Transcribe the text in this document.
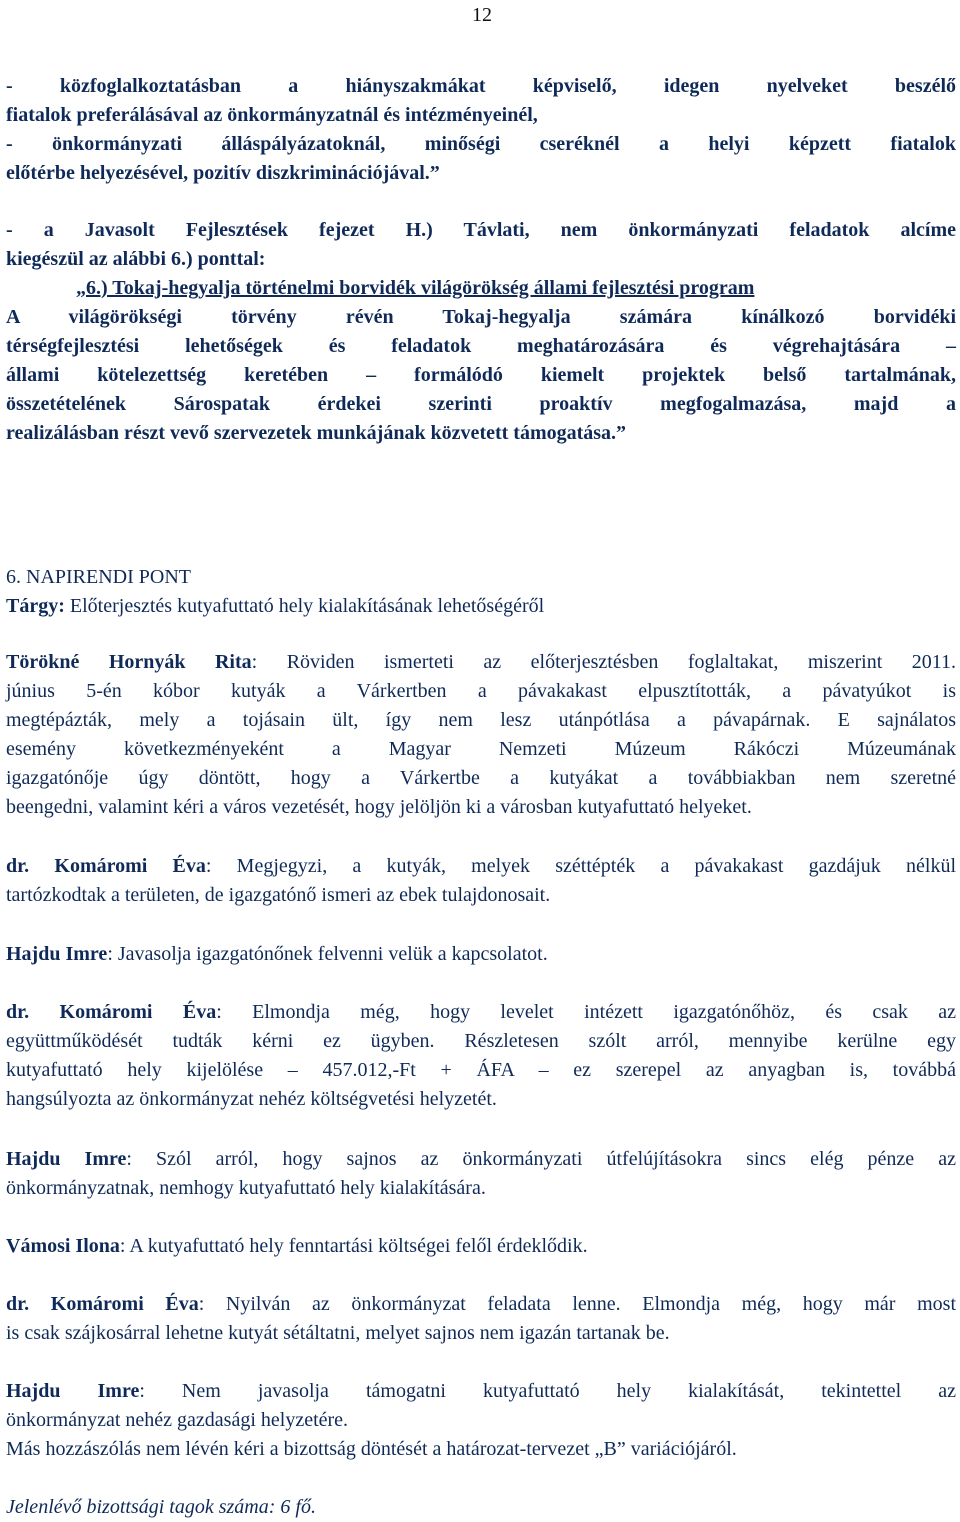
12
- közfoglalkoztatásban a hiányszakmákat képviselő, idegen nyelveket beszélő
fiatalok preferálásával az önkormányzatnál és intézményeinél,
- önkormányzati álláspályázatoknál, minőségi cseréknél a helyi képzett fiatalok
előtérbe helyezésével, pozitív diszkriminációjával.”
- a Javasolt Fejlesztések fejezet H.) Távlati, nem önkormányzati feladatok alcíme
kiegészül az alábbi 6.) ponttal:
„6.) Tokaj-hegyalja történelmi borvidék világörökség állami fejlesztési program
A világörökségi törvény révén Tokaj-hegyalja számára kínálkozó borvidéki
térségfejlesztési lehetőségek és feladatok meghatározására és végrehajtására –
állami kötelezettség keretében – formálódó kiemelt projektek belső tartalmának,
összetételének Sárospatak érdekei szerinti proaktív megfogalmazása, majd a
realizálásban részt vevő szervezetek munkájának közvetett támogatása.”
6. NAPIRENDI PONT
Tárgy: Előterjesztés kutyafuttató hely kialakításának lehetőségéről
Törökné Hornyák Rita: Röviden ismerteti az előterjesztésben foglaltakat, miszerint 2011.
június 5-én kóbor kutyák a Várkertben a pávakakast elpusztították, a pávatyúkot is
megtépázták, mely a tojásain ült, így nem lesz utánpótlása a pávapárnak. E sajnálatos
esemény következményeként a Magyar Nemzeti Múzeum Rákóczi Múzeumának
igazgatónője úgy döntött, hogy a Várkertbe a kutyákat a továbbiakban nem szeretné
beengedni, valamint kéri a város vezetését, hogy jelöljön ki a városban kutyafuttató helyeket.
dr. Komáromi Éva: Megjegyzi, a kutyák, melyek széttépték a pávakakast gazdájuk nélkül
tartózkodtak a területen, de igazgatónő ismeri az ebek tulajdonosait.
Hajdu Imre: Javasolja igazgatónőnek felvenni velük a kapcsolatot.
dr. Komáromi Éva: Elmondja még, hogy levelet intézett igazgatónőhöz, és csak az
együttműködését tudták kérni ez ügyben. Részletesen szólt arról, mennyibe kerülne egy
kutyafuttató hely kijelölése – 457.012,-Ft + ÁFA – ez szerepel az anyagban is, továbbá
hangsúlyozta az önkormányzat nehéz költségvetési helyzetét.
Hajdu Imre: Szól arról, hogy sajnos az önkormányzati útfelújításokra sincs elég pénze az
önkormányzatnak, nemhogy kutyafuttató hely kialakítására.
Vámosi Ilona: A kutyafuttató hely fenntartási költségei felől érdeklődik.
dr. Komáromi Éva: Nyilván az önkormányzat feladata lenne. Elmondja még, hogy már most
is csak szájkosárral lehetne kutyát sétáltatni, melyet sajnos nem igazán tartanak be.
Hajdu Imre: Nem javasolja támogatni kutyafuttató hely kialakítását, tekintettel az
önkormányzat nehéz gazdasági helyzetére.
Más hozzászólás nem lévén kéri a bizottság döntését a határozat-tervezet „B” variációjáról.
Jelenlévő bizottsági tagok száma: 6 fő.
